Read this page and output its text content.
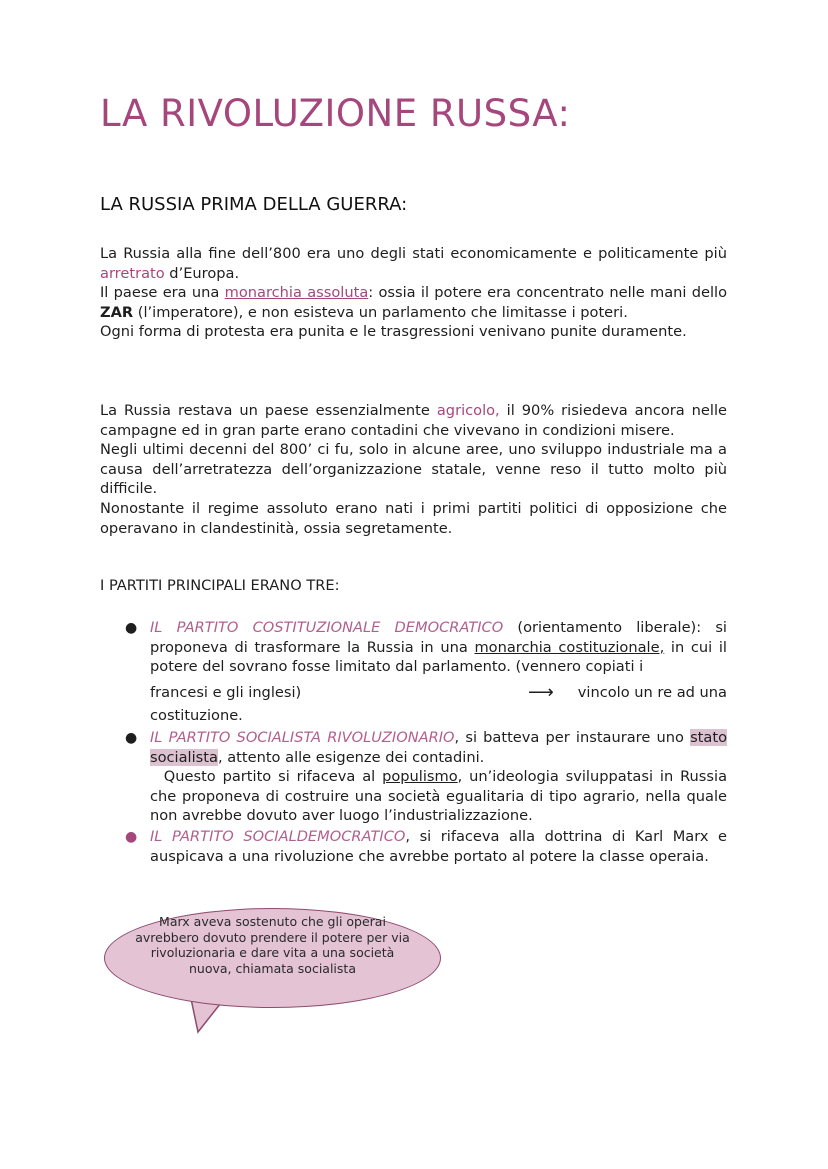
LA RIVOLUZIONE RUSSA:
LA RUSSIA PRIMA DELLA GUERRA:

La Russia alla fine dell’800 era uno degli stati economicamente e politicamente più arretrato d’Europa.
Il paese era una monarchia assoluta: ossia il potere era concentrato nelle mani dello ZAR (l’imperatore), e non esisteva un parlamento che limitasse i poteri.
Ogni forma di protesta era punita e le trasgressioni venivano punite duramente.

La Russia restava un paese essenzialmente agricolo, il 90% risiedeva ancora nelle campagne ed in gran parte erano contadini che vivevano in condizioni misere.
Negli ultimi decenni del 800’ ci fu, solo in alcune aree, uno sviluppo industriale ma a causa dell’arretratezza dell’organizzazione statale, venne reso il tutto molto più difficile.
Nonostante il regime assoluto erano nati i primi partiti politici di opposizione che operavano in clandestinità, ossia segretamente.

I PARTITI PRINCIPALI ERANO TRE:

● IL PARTITO COSTITUZIONALE DEMOCRATICO (orientamento liberale): si proponeva di trasformare la Russia in una monarchia costituzionale, in cui il potere del sovrano fosse limitato dal parlamento. (vennero copiati i
francesi e gli inglesi)	⟶ vincolo un re ad una
costituzione.
● IL PARTITO SOCIALISTA RIVOLUZIONARIO, si batteva per instaurare uno stato socialista, attento alle esigenze dei contadini.
Questo partito si rifaceva al populismo, un’ideologia sviluppatasi in Russia che proponeva di costruire una società egualitaria di tipo agrario, nella quale non avrebbe dovuto aver luogo l’industrializzazione.
● IL PARTITO SOCIALDEMOCRATICO, si rifaceva alla dottrina di Karl Marx e auspicava a una rivoluzione che avrebbe portato al potere la classe operaia.

Marx aveva sostenuto che gli operai avrebbero dovuto prendere il potere per via rivoluzionaria e dare vita a una società nuova, chiamata socialista
